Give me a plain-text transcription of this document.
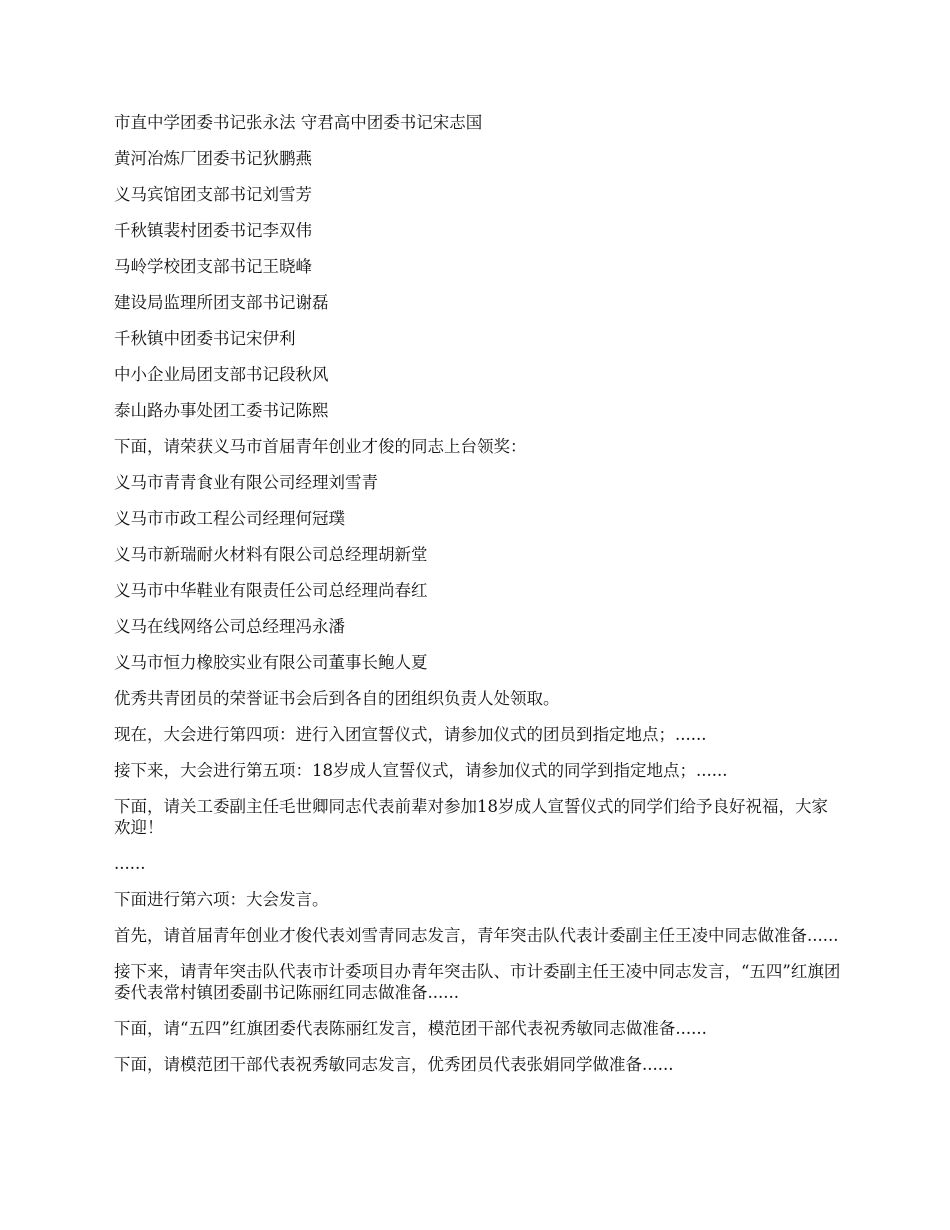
市直中学团委书记张永法 守君高中团委书记宋志国

黄河冶炼厂团委书记狄鹏燕

义马宾馆团支部书记刘雪芳

千秋镇裴村团委书记李双伟

马岭学校团支部书记王晓峰

建设局监理所团支部书记谢磊

千秋镇中团委书记宋伊利

中小企业局团支部书记段秋风

泰山路办事处团工委书记陈熙

下面，请荣获义马市首届青年创业才俊的同志上台领奖：

义马市青青食业有限公司经理刘雪青

义马市市政工程公司经理何冠璞

义马市新瑞耐火材料有限公司总经理胡新堂

义马市中华鞋业有限责任公司总经理尚春红

义马在线网络公司总经理冯永潘

义马市恒力橡胶实业有限公司董事长鲍人夏

优秀共青团员的荣誉证书会后到各自的团组织负责人处领取。

现在，大会进行第四项：进行入团宣誓仪式，请参加仪式的团员到指定地点；......

接下来，大会进行第五项：18岁成人宣誓仪式，请参加仪式的同学到指定地点；......

下面，请关工委副主任毛世卿同志代表前辈对参加18岁成人宣誓仪式的同学们给予良好祝福，大家欢迎！

......

下面进行第六项：大会发言。

首先，请首届青年创业才俊代表刘雪青同志发言，青年突击队代表计委副主任王凌中同志做准备......

接下来，请青年突击队代表市计委项目办青年突击队、市计委副主任王凌中同志发言，“五四”红旗团委代表常村镇团委副书记陈丽红同志做准备......

下面，请“五四”红旗团委代表陈丽红发言，模范团干部代表祝秀敏同志做准备......

下面，请模范团干部代表祝秀敏同志发言，优秀团员代表张娟同学做准备......
